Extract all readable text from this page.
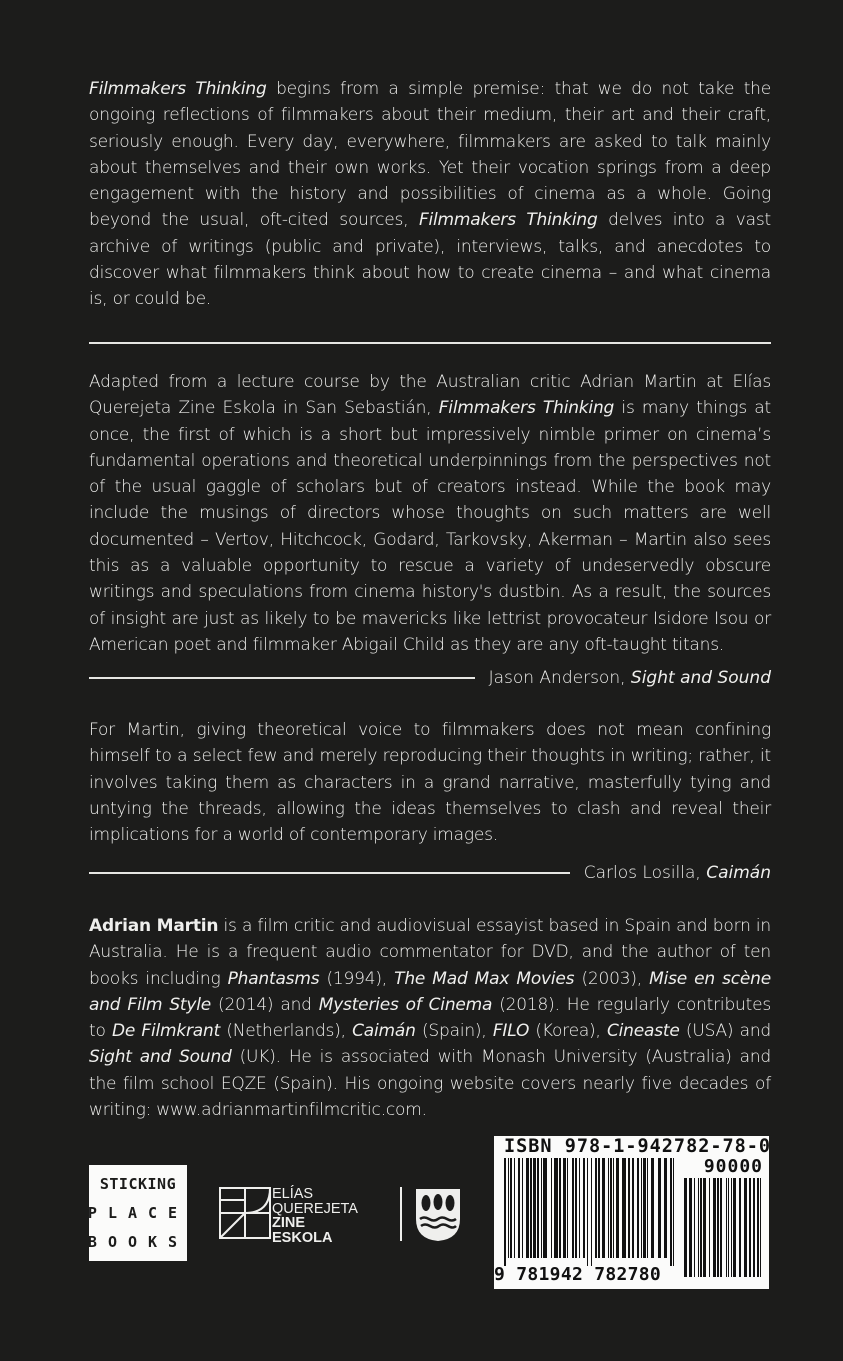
Filmmakers Thinking begins from a simple premise: that we do not take the ongoing reflections of filmmakers about their medium, their art and their craft, seriously enough. Every day, everywhere, filmmakers are asked to talk mainly about themselves and their own works. Yet their vocation springs from a deep engagement with the history and possibilities of cinema as a whole. Going beyond the usual, oft-cited sources, Filmmakers Thinking delves into a vast archive of writings (public and private), interviews, talks, and anecdotes to discover what filmmakers think about how to create cinema – and what cinema is, or could be.

Adapted from a lecture course by the Australian critic Adrian Martin at Elías Querejeta Zine Eskola in San Sebastián, Filmmakers Thinking is many things at once, the first of which is a short but impressively nimble primer on cinema’s fundamental operations and theoretical underpinnings from the perspectives not of the usual gaggle of scholars but of creators instead. While the book may include the musings of directors whose thoughts on such matters are well documented – Vertov, Hitchcock, Godard, Tarkovsky, Akerman – Martin also sees this as a valuable opportunity to rescue a variety of undeservedly obscure writings and speculations from cinema history's dustbin. As a result, the sources of insight are just as likely to be mavericks like lettrist provocateur Isidore Isou or American poet and filmmaker Abigail Child as they are any oft-taught titans.

Jason Anderson, Sight and Sound

For Martin, giving theoretical voice to filmmakers does not mean confining himself to a select few and merely reproducing their thoughts in writing; rather, it involves taking them as characters in a grand narrative, masterfully tying and untying the threads, allowing the ideas themselves to clash and reveal their implications for a world of contemporary images.

Carlos Losilla, Caimán

Adrian Martin is a film critic and audiovisual essayist based in Spain and born in Australia. He is a frequent audio commentator for DVD, and the author of ten books including Phantasms (1994), The Mad Max Movies (2003), Mise en scène and Film Style (2014) and Mysteries of Cinema (2018). He regularly contributes to De Filmkrant (Netherlands), Caimán (Spain), FILO (Korea), Cineaste (USA) and Sight and Sound (UK). He is associated with Monash University (Australia) and the film school EQZE (Spain). His ongoing website covers nearly five decades of writing: www.adrianmartinfilmcritic.com.

STICKING
PLACE
BOOKS
ELÍAS
QUEREJETA
ZINE
ESKOLA
ISBN 978-1-942782-78-0
90000
9 781942 782780
